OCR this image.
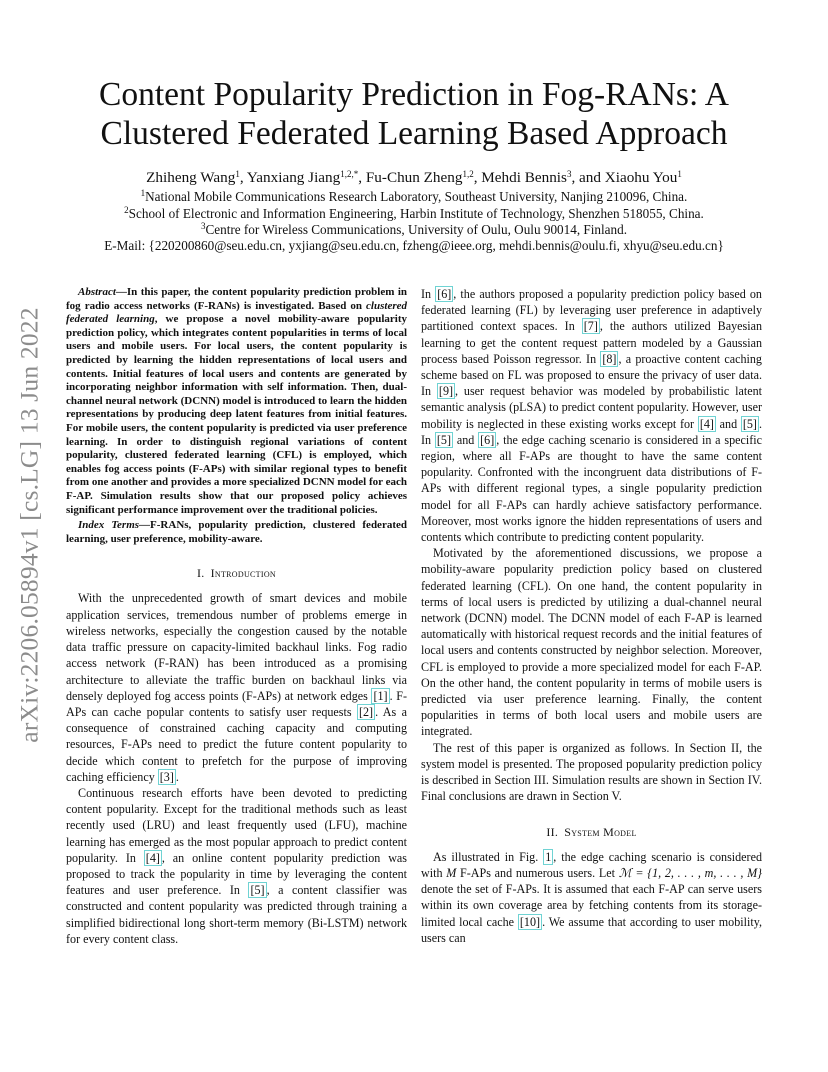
arXiv:2206.05894v1 [cs.LG] 13 Jun 2022
Content Popularity Prediction in Fog-RANs: A
Clustered Federated Learning Based Approach
Zhiheng Wang$^1$, Yanxiang Jiang$^{1,2,*}$, Fu-Chun Zheng$^{1,2}$, Mehdi Bennis$^3$, and Xiaohu You$^1$
$^1$National Mobile Communications Research Laboratory, Southeast University, Nanjing 210096, China.
$^2$School of Electronic and Information Engineering, Harbin Institute of Technology, Shenzhen 518055, China.
$^3$Centre for Wireless Communications, University of Oulu, Oulu 90014, Finland.
E-Mail: {220200860@seu.edu.cn, yxjiang@seu.edu.cn, fzheng@ieee.org, mehdi.bennis@oulu.fi, xhyu@seu.edu.cn}

Abstract—In this paper, the content popularity prediction problem in fog radio access networks (F-RANs) is investigated. Based on clustered federated learning, we propose a novel mobility-aware popularity prediction policy, which integrates content popularities in terms of local users and mobile users. For local users, the content popularity is predicted by learning the hidden representations of local users and contents. Initial features of local users and contents are generated by incorporating neighbor information with self information. Then, dual-channel neural network (DCNN) model is introduced to learn the hidden representations by producing deep latent features from initial features. For mobile users, the content popularity is predicted via user preference learning. In order to distinguish regional variations of content popularity, clustered federated learning (CFL) is employed, which enables fog access points (F-APs) with similar regional types to benefit from one another and provides a more specialized DCNN model for each F-AP. Simulation results show that our proposed policy achieves significant performance improvement over the traditional policies.

Index Terms—F-RANs, popularity prediction, clustered federated learning, user preference, mobility-aware.

I. Introduction

With the unprecedented growth of smart devices and mobile application services, tremendous number of problems emerge in wireless networks, especially the congestion caused by the notable data traffic pressure on capacity-limited backhaul links. Fog radio access network (F-RAN) has been introduced as a promising architecture to alleviate the traffic burden on backhaul links via densely deployed fog access points (F-APs) at network edges [1] . F-APs can cache popular contents to satisfy user requests [2] . As a consequence of constrained caching capacity and computing resources, F-APs need to predict the future content popularity to decide which content to prefetch for the purpose of improving caching efficiency [3] .

Continuous research efforts have been devoted to predicting content popularity. Except for the traditional methods such as least recently used (LRU) and least frequently used (LFU), machine learning has emerged as the most popular approach to predict content popularity. In [4] , an online content popularity prediction was proposed to track the popularity in time by leveraging the content features and user preference. In [5] , a content classifier was constructed and content popularity was predicted through training a simplified bidirectional long short-term memory (Bi-LSTM) network for every content class.

In [6] , the authors proposed a popularity prediction policy based on federated learning (FL) by leveraging user preference in adaptively partitioned context spaces. In [7] , the authors utilized Bayesian learning to get the content request pattern modeled by a Gaussian process based Poisson regressor. In [8] , a proactive content caching scheme based on FL was proposed to ensure the privacy of user data. In [9] , user request behavior was modeled by probabilistic latent semantic analysis (pLSA) to predict content popularity. However, user mobility is neglected in these existing works except for [4] and [5] . In [5] and [6] , the edge caching scenario is considered in a specific region, where all F-APs are thought to have the same content popularity. Confronted with the incongruent data distributions of F-APs with different regional types, a single popularity prediction model for all F-APs can hardly achieve satisfactory performance. Moreover, most works ignore the hidden representations of users and contents which contribute to predicting content popularity.

Motivated by the aforementioned discussions, we propose a mobility-aware popularity prediction policy based on clustered federated learning (CFL). On one hand, the content popularity in terms of local users is predicted by utilizing a dual-channel neural network (DCNN) model. The DCNN model of each F-AP is learned automatically with historical request records and the initial features of local users and contents constructed by neighbor selection. Moreover, CFL is employed to provide a more specialized model for each F-AP. On the other hand, the content popularity in terms of mobile users is predicted via user preference learning. Finally, the content popularities in terms of both local users and mobile users are integrated.

The rest of this paper is organized as follows. In Section II, the system model is presented. The proposed popularity prediction policy is described in Section III. Simulation results are shown in Section IV. Final conclusions are drawn in Section V.

II. System Model

As illustrated in Fig. 1 , the edge caching scenario is considered with M F-APs and numerous users. Let ℳ = {1, 2, . . . , m, . . . , M} denote the set of F-APs. It is assumed that each F-AP can serve users within its own coverage area by fetching contents from its storage-limited local cache [10] . We assume that according to user mobility, users can
